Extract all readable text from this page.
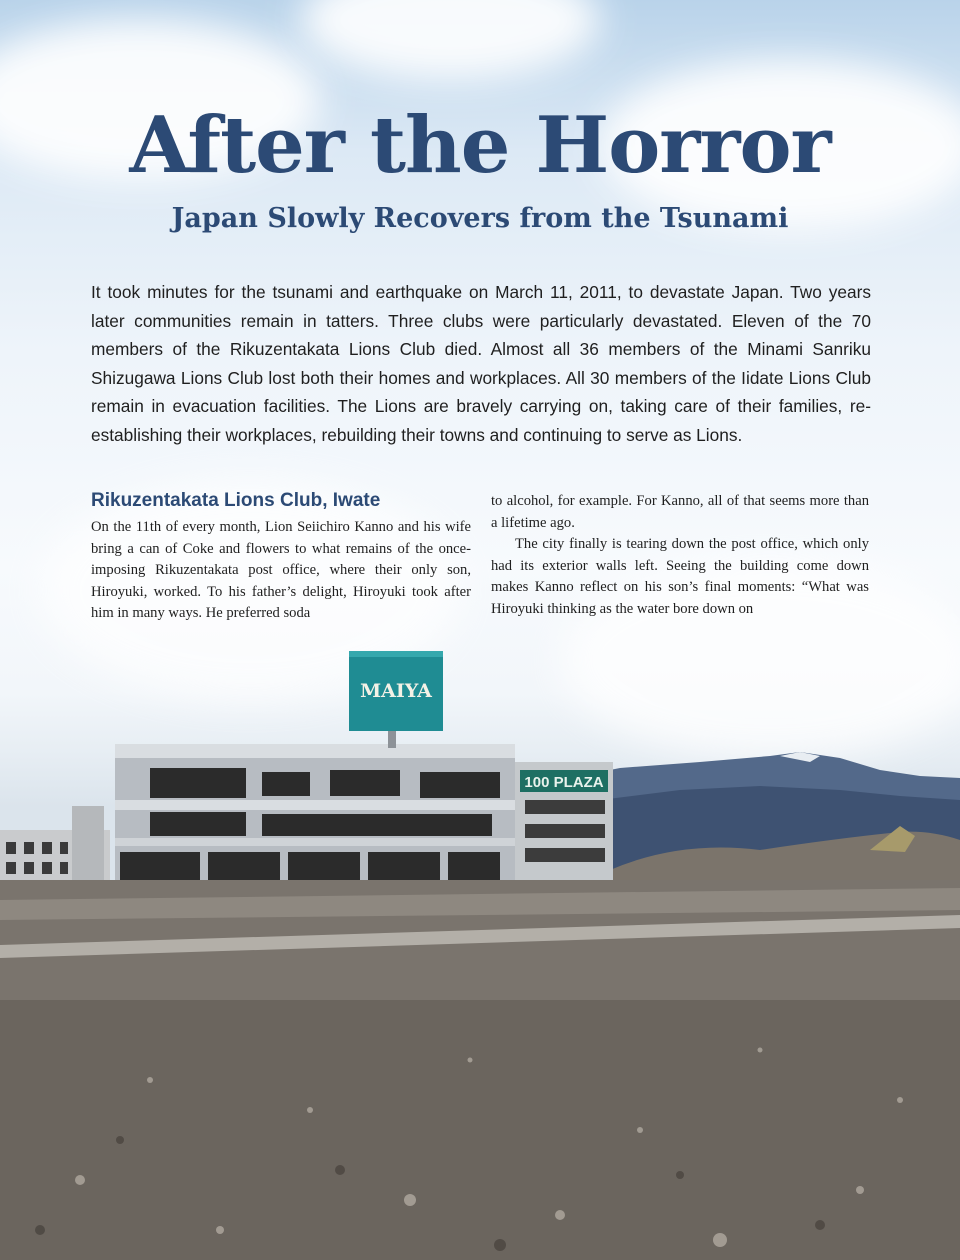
100 PLAZA
MAIYA
After the Horror
Japan Slowly Recovers from the Tsunami

It took minutes for the tsunami and earthquake on March 11, 2011, to devastate Japan. Two years later communities remain in tatters. Three clubs were particularly devastated. Eleven of the 70 members of the Rikuzentakata Lions Club died. Almost all 36 members of the Minami Sanriku Shizugawa Lions Club lost both their homes and workplaces. All 30 members of the Iidate Lions Club remain in evacuation facilities. The Lions are bravely carrying on, taking care of their families, re-establishing their workplaces, rebuilding their towns and continuing to serve as Lions.

Rikuzentakata Lions Club, Iwate

On the 11th of every month, Lion Seiichiro Kanno and his wife bring a can of Coke and flowers to what remains of the once-imposing Rikuzentakata post office, where their only son, Hiroyuki, worked. To his father’s delight, Hiroyuki took after him in many ways. He preferred soda

to alcohol, for example. For Kanno, all of that seems more than a lifetime ago.

The city finally is tearing down the post office, which only had its exterior walls left. Seeing the building come down makes Kanno reflect on his son’s final moments: “What was Hiroyuki thinking as the water bore down on
